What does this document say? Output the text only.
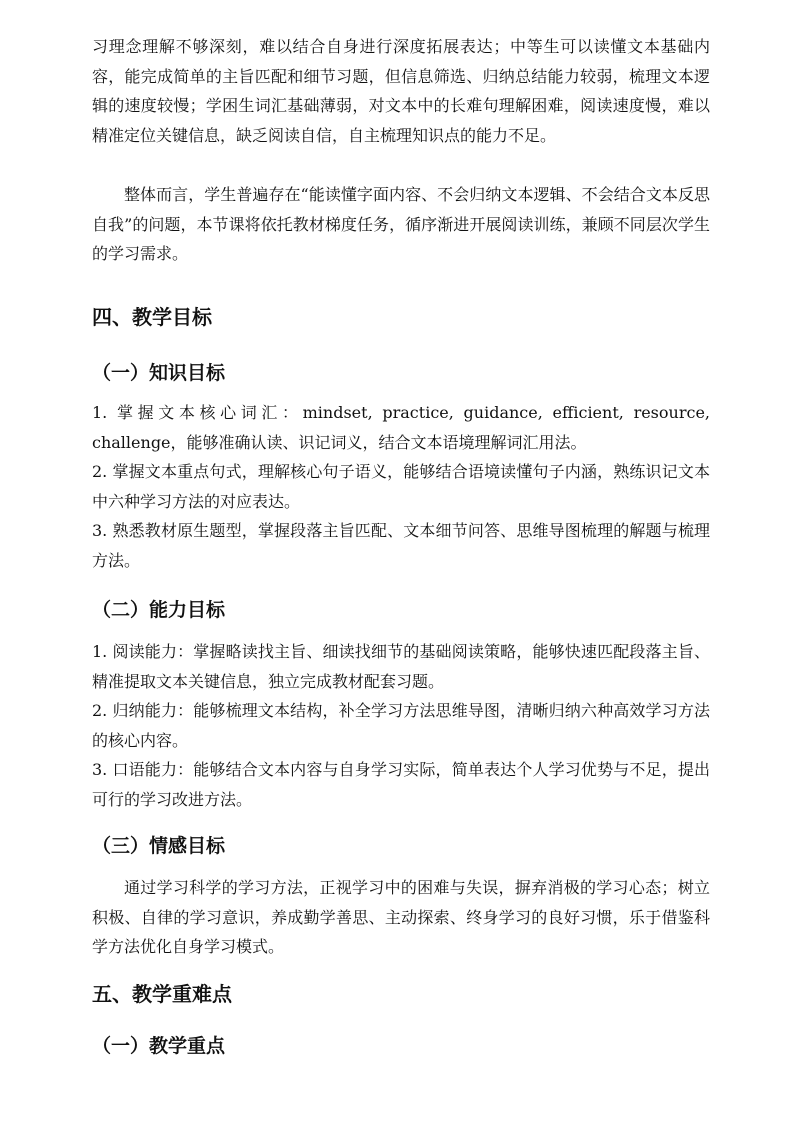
习理念理解不够深刻，难以结合自身进行深度拓展表达；中等生可以读懂文本基础内容，能完成简单的主旨匹配和细节习题，但信息筛选、归纳总结能力较弱，梳理文本逻辑的速度较慢；学困生词汇基础薄弱，对文本中的长难句理解困难，阅读速度慢，难以精准定位关键信息，缺乏阅读自信，自主梳理知识点的能力不足。

整体而言，学生普遍存在“能读懂字面内容、不会归纳文本逻辑、不会结合文本反思自我”的问题，本节课将依托教材梯度任务，循序渐进开展阅读训练，兼顾不同层次学生的学习需求。

四、教学目标
（一）知识目标

1. 掌握文本核心词汇：mindset, practice, guidance, efficient, resource, challenge，能够准确认读、识记词义，结合文本语境理解词汇用法。

2. 掌握文本重点句式，理解核心句子语义，能够结合语境读懂句子内涵，熟练识记文本中六种学习方法的对应表达。

3. 熟悉教材原生题型，掌握段落主旨匹配、文本细节问答、思维导图梳理的解题与梳理方法。

（二）能力目标

1. 阅读能力：掌握略读找主旨、细读找细节的基础阅读策略，能够快速匹配段落主旨、精准提取文本关键信息，独立完成教材配套习题。

2. 归纳能力：能够梳理文本结构，补全学习方法思维导图，清晰归纳六种高效学习方法的核心内容。

3. 口语能力：能够结合文本内容与自身学习实际，简单表达个人学习优势与不足，提出可行的学习改进方法。

（三）情感目标

通过学习科学的学习方法，正视学习中的困难与失误，摒弃消极的学习心态；树立积极、自律的学习意识，养成勤学善思、主动探索、终身学习的良好习惯，乐于借鉴科学方法优化自身学习模式。

五、教学重难点
（一）教学重点
